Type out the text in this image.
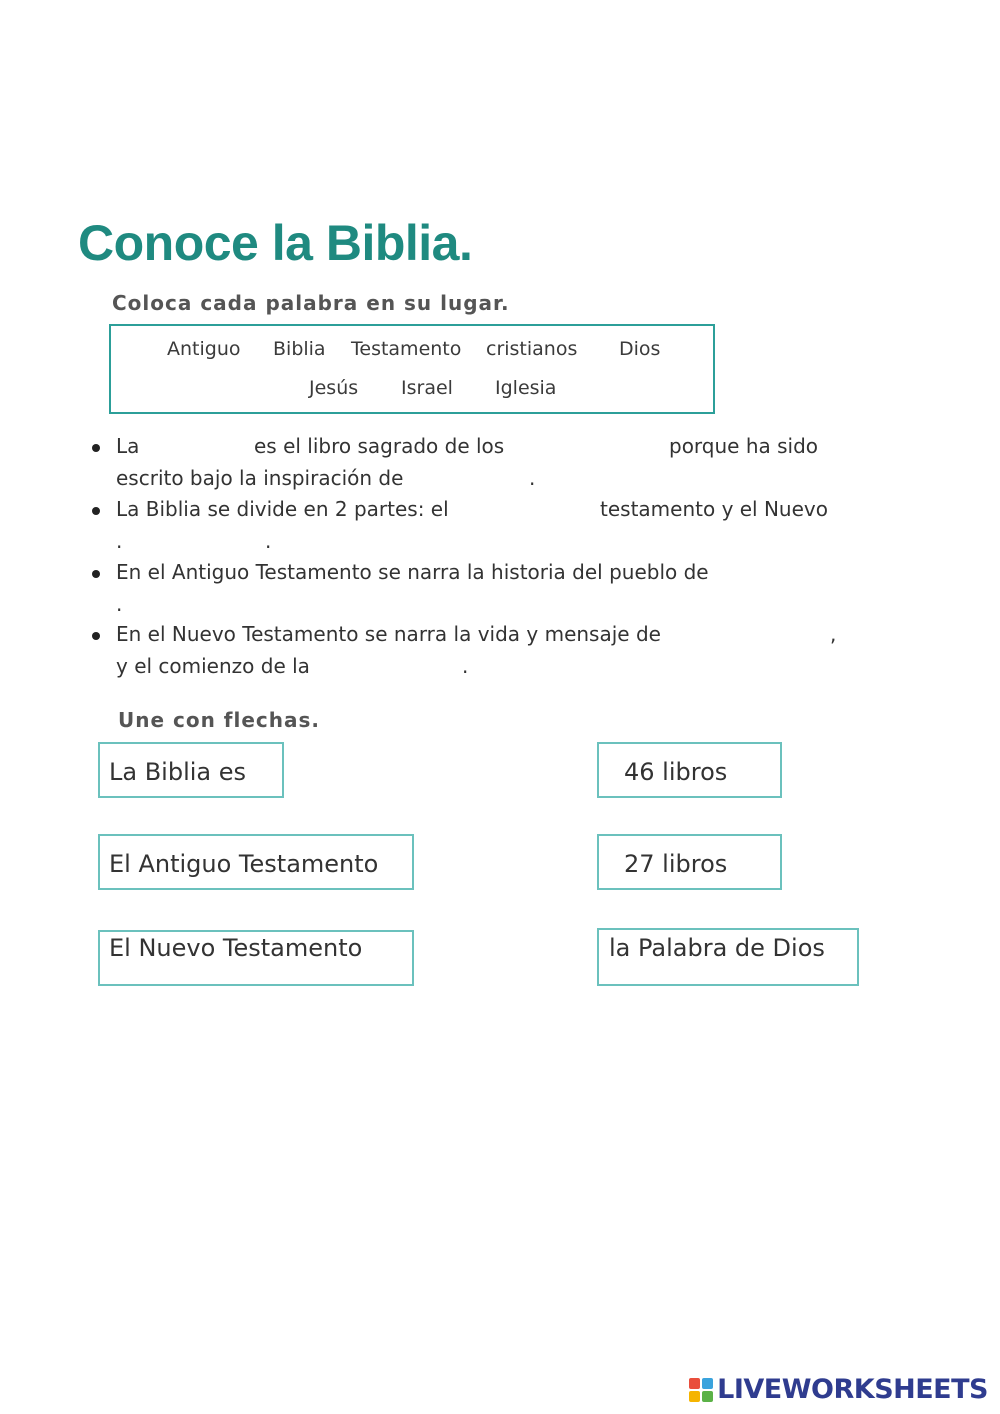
Conoce la Biblia.
Coloca cada palabra en su lugar.
Antiguo Biblia Testamento cristianos Dios
Jesús Israel Iglesia
La	es el libro sagrado de los	porque ha sido
escrito bajo la inspiración de	.
La Biblia se divide en 2 partes: el	testamento y el Nuevo
.	.
En el Antiguo Testamento se narra la historia del pueblo de
.
En el Nuevo Testamento se narra la vida y mensaje de	,
y el comienzo de la	.
Une con flechas.
La Biblia es
El Antiguo Testamento
El Nuevo Testamento
46 libros
27 libros
la Palabra de Dios
LIVEWORKSHEETS
